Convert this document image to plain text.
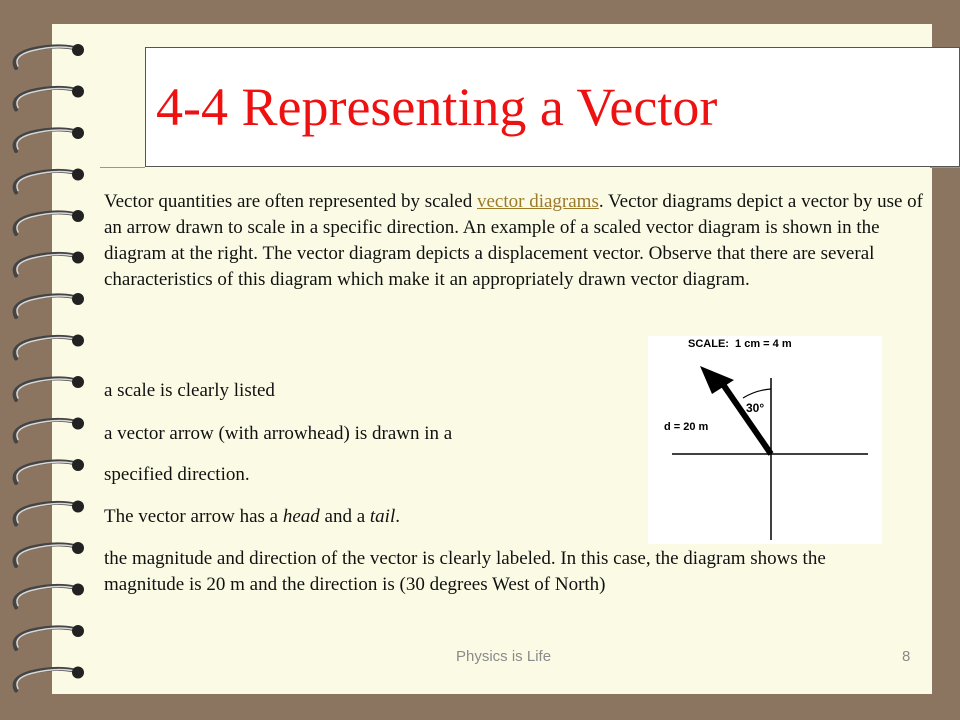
4-4 Representing a Vector

Vector quantities are often represented by scaled vector diagrams. Vector diagrams depict a vector by use of an arrow drawn to scale in a specific direction. An example of a scaled vector diagram is shown in the diagram at the right. The vector diagram depicts a displacement vector. Observe that there are several characteristics of this diagram which make it an appropriately drawn vector diagram.

a scale is clearly listed
a vector arrow (with arrowhead) is drawn in a
specified direction.
The vector arrow has a head and a tail.
the magnitude and direction of the vector is clearly labeled. In this case, the diagram shows the magnitude is 20 m and the direction is (30 degrees West of North)
SCALE:  1 cm = 4 m
30°
d = 20 m
Physics is Life	8
